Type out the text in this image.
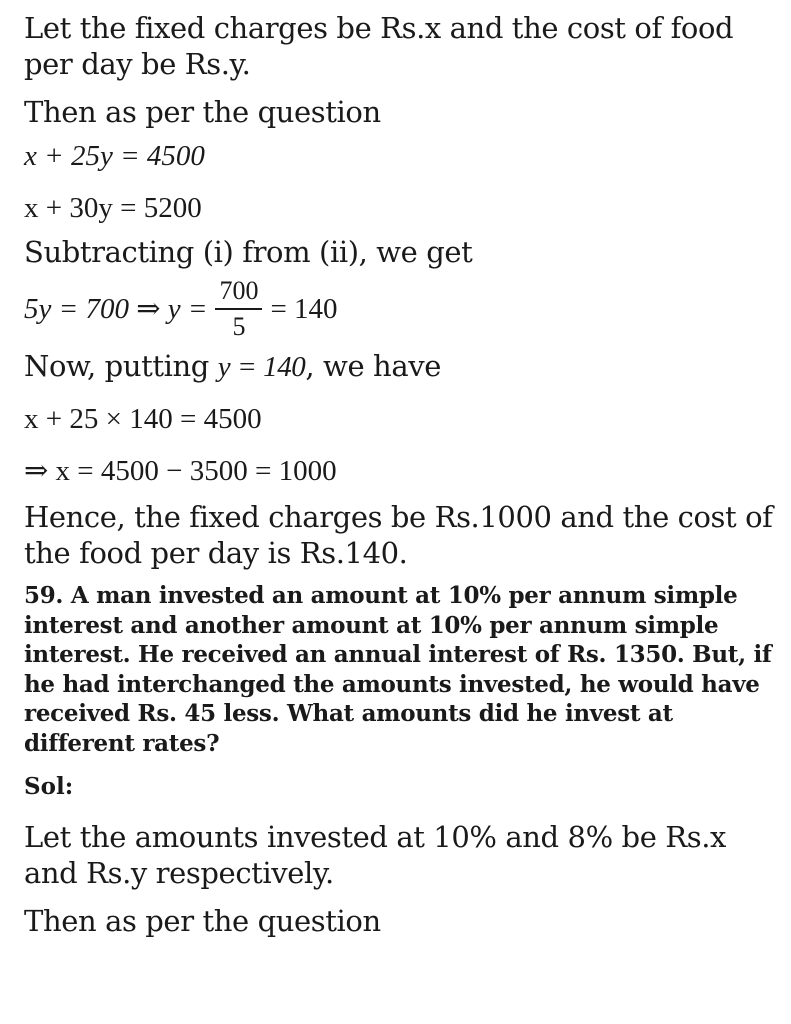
Let the fixed charges be Rs.x and the cost of food per day be Rs.y.

Then as per the question

x + 25y = 4500

x + 30y = 5200

Subtracting (i) from (ii), we get

5y = 700 ⇒ $y = \frac{700}{5} = 140$

Now, putting y = 140, we have

x + 25 × 140 = 4500

⇒ x = 4500 − 3500 = 1000

Hence, the fixed charges be Rs.1000 and the cost of the food per day is Rs.140.

59. A man invested an amount at 10% per annum simple interest and another amount at 10% per annum simple interest. He received an annual interest of Rs. 1350. But, if he had interchanged the amounts invested, he would have received Rs. 45 less. What amounts did he invest at different rates?

Sol:

Let the amounts invested at 10% and 8% be Rs.x and Rs.y respectively.

Then as per the question
